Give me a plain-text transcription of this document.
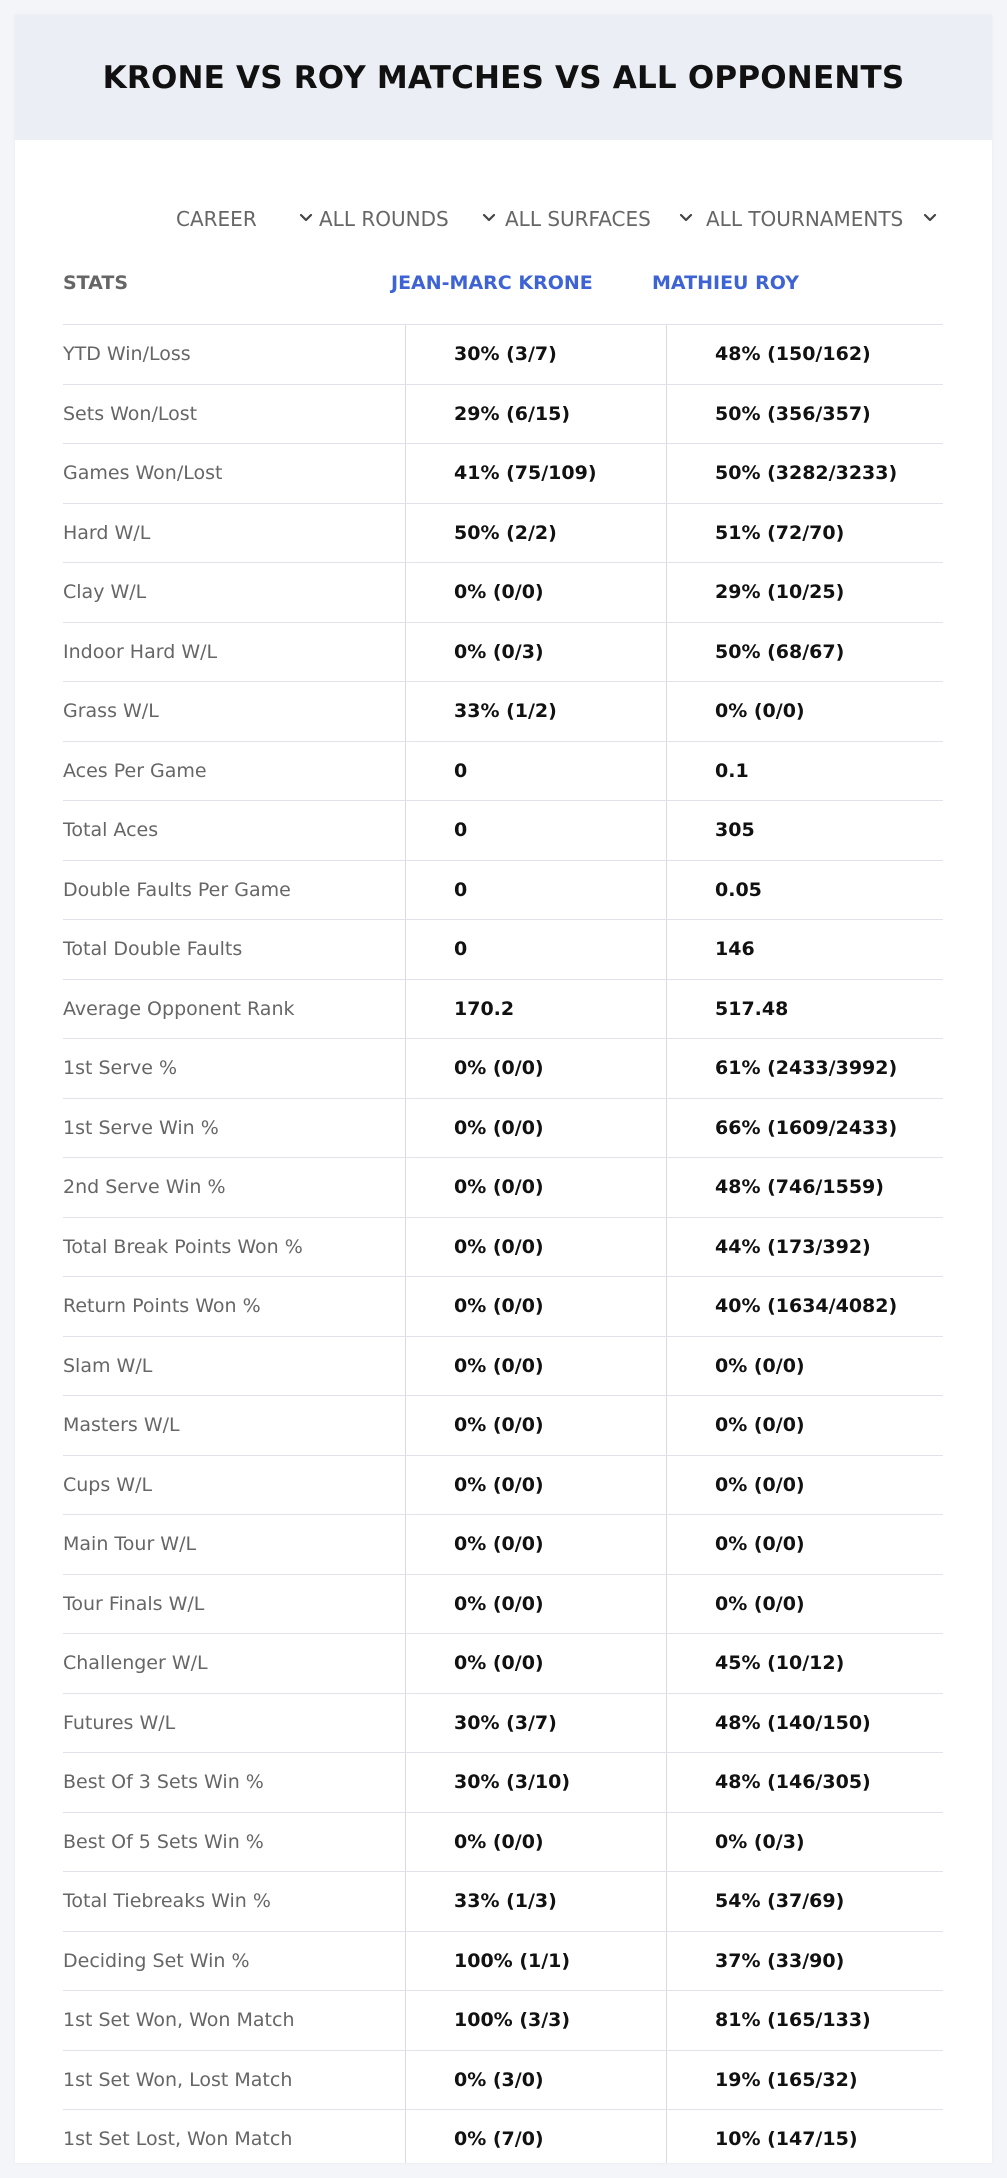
KRONE VS ROY MATCHES VS ALL OPPONENTS
CAREER	ALL ROUNDS	ALL SURFACES	ALL TOURNAMENTS
STATS	JEAN-MARC KRONE	MATHIEU ROY
YTD Win/Loss	30% (3/7)	48% (150/162)
Sets Won/Lost	29% (6/15)	50% (356/357)
Games Won/Lost	41% (75/109)	50% (3282/3233)
Hard W/L	50% (2/2)	51% (72/70)
Clay W/L	0% (0/0)	29% (10/25)
Indoor Hard W/L	0% (0/3)	50% (68/67)
Grass W/L	33% (1/2)	0% (0/0)
Aces Per Game	0	0.1
Total Aces	0	305
Double Faults Per Game	0	0.05
Total Double Faults	0	146
Average Opponent Rank	170.2	517.48
1st Serve %	0% (0/0)	61% (2433/3992)
1st Serve Win %	0% (0/0)	66% (1609/2433)
2nd Serve Win %	0% (0/0)	48% (746/1559)
Total Break Points Won %	0% (0/0)	44% (173/392)
Return Points Won %	0% (0/0)	40% (1634/4082)
Slam W/L	0% (0/0)	0% (0/0)
Masters W/L	0% (0/0)	0% (0/0)
Cups W/L	0% (0/0)	0% (0/0)
Main Tour W/L	0% (0/0)	0% (0/0)
Tour Finals W/L	0% (0/0)	0% (0/0)
Challenger W/L	0% (0/0)	45% (10/12)
Futures W/L	30% (3/7)	48% (140/150)
Best Of 3 Sets Win %	30% (3/10)	48% (146/305)
Best Of 5 Sets Win %	0% (0/0)	0% (0/3)
Total Tiebreaks Win %	33% (1/3)	54% (37/69)
Deciding Set Win %	100% (1/1)	37% (33/90)
1st Set Won, Won Match	100% (3/3)	81% (165/133)
1st Set Won, Lost Match	0% (3/0)	19% (165/32)
1st Set Lost, Won Match	0% (7/0)	10% (147/15)
